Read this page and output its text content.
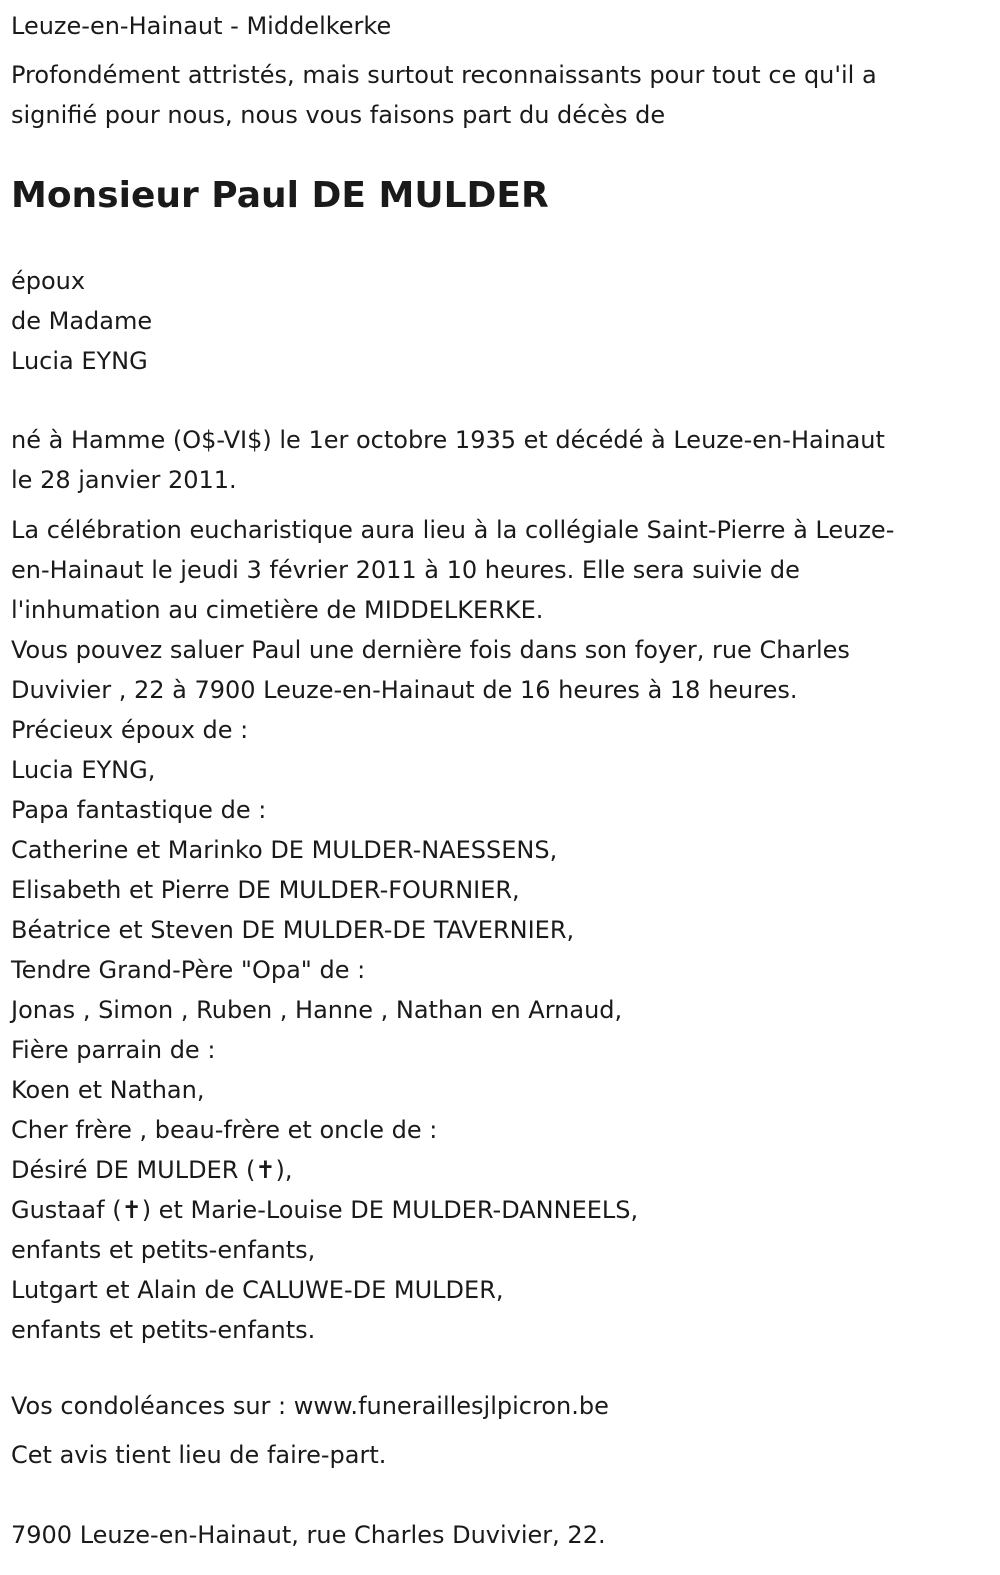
Leuze-en-Hainaut - Middelkerke

Profondément attristés, mais surtout reconnaissants pour tout ce qu'il a

signifié pour nous, nous vous faisons part du décès de

Monsieur Paul DE MULDER

époux

de Madame

Lucia EYNG

né à Hamme (O$-VI$) le 1er octobre 1935 et décédé à Leuze-en-Hainaut

le 28 janvier 2011.

La célébration eucharistique aura lieu à la collégiale Saint-Pierre à Leuze-

en-Hainaut le jeudi 3 février 2011 à 10 heures. Elle sera suivie de

l'inhumation au cimetière de MIDDELKERKE.

Vous pouvez saluer Paul une dernière fois dans son foyer, rue Charles

Duvivier , 22 à 7900 Leuze-en-Hainaut de 16 heures à 18 heures.

Précieux époux de :

Lucia EYNG,

Papa fantastique de :

Catherine et Marinko DE MULDER-NAESSENS,

Elisabeth et Pierre DE MULDER-FOURNIER,

Béatrice et Steven DE MULDER-DE TAVERNIER,

Tendre Grand-Père "Opa" de :

Jonas , Simon , Ruben , Hanne , Nathan en Arnaud,

Fière parrain de :

Koen et Nathan,

Cher frère , beau-frère et oncle de :

Désiré DE MULDER (✝),

Gustaaf (✝) et Marie-Louise DE MULDER-DANNEELS,

enfants et petits-enfants,

Lutgart et Alain de CALUWE-DE MULDER,

enfants et petits-enfants.

Vos condoléances sur : www.funeraillesjlpicron.be

Cet avis tient lieu de faire-part.

7900 Leuze-en-Hainaut, rue Charles Duvivier, 22.
